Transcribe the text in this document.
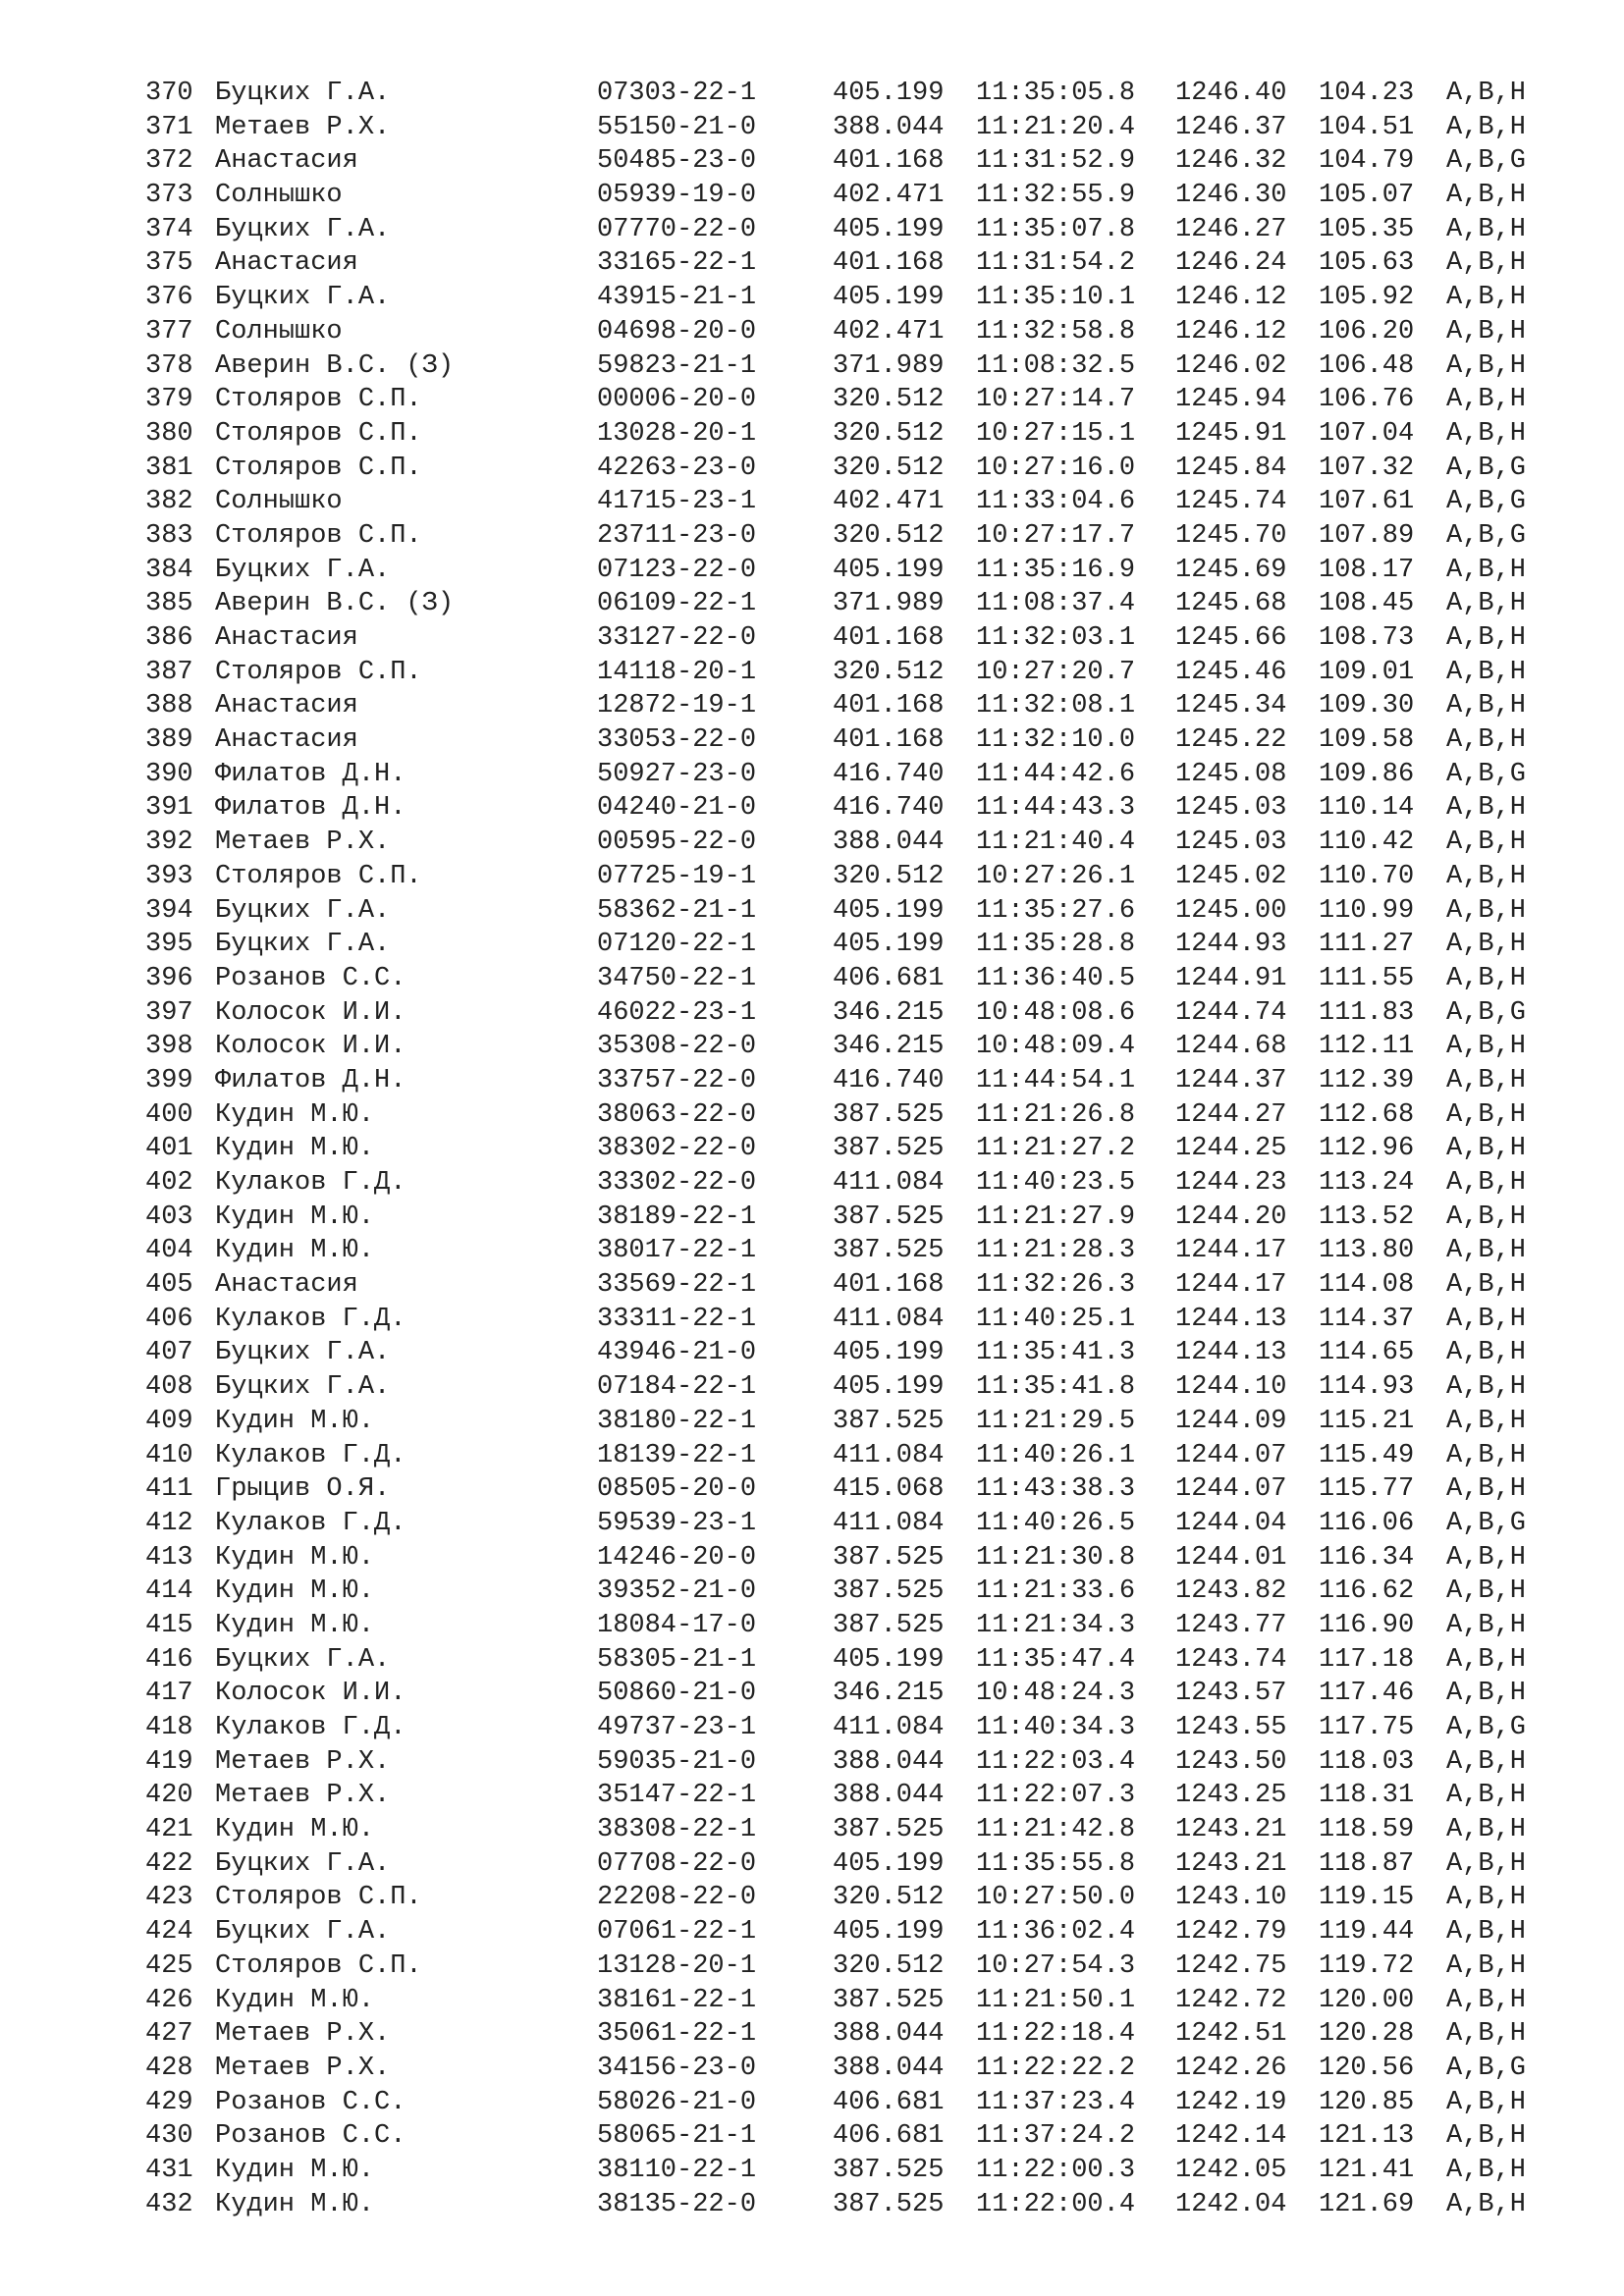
370 Буцких Г.А.	07303-22-1	405.199 11:35:05.8 1246.40 104.23 A,B,H
371 Метаев Р.Х.	55150-21-0	388.044 11:21:20.4 1246.37 104.51 A,B,H
372 Анастасия	50485-23-0	401.168 11:31:52.9 1246.32 104.79 A,B,G
373 Солнышко	05939-19-0	402.471 11:32:55.9 1246.30 105.07 A,B,H
374 Буцких Г.А.	07770-22-0	405.199 11:35:07.8 1246.27 105.35 A,B,H
375 Анастасия	33165-22-1	401.168 11:31:54.2 1246.24 105.63 A,B,H
376 Буцких Г.А.	43915-21-1	405.199 11:35:10.1 1246.12 105.92 A,B,H
377 Солнышко	04698-20-0	402.471 11:32:58.8 1246.12 106.20 A,B,H
378 Аверин В.С. (З)	59823-21-1	371.989 11:08:32.5 1246.02 106.48 A,B,H
379 Столяров С.П.	00006-20-0	320.512 10:27:14.7 1245.94 106.76 A,B,H
380 Столяров С.П.	13028-20-1	320.512 10:27:15.1 1245.91 107.04 A,B,H
381 Столяров С.П.	42263-23-0	320.512 10:27:16.0 1245.84 107.32 A,B,G
382 Солнышко	41715-23-1	402.471 11:33:04.6 1245.74 107.61 A,B,G
383 Столяров С.П.	23711-23-0	320.512 10:27:17.7 1245.70 107.89 A,B,G
384 Буцких Г.А.	07123-22-0	405.199 11:35:16.9 1245.69 108.17 A,B,H
385 Аверин В.С. (З)	06109-22-1	371.989 11:08:37.4 1245.68 108.45 A,B,H
386 Анастасия	33127-22-0	401.168 11:32:03.1 1245.66 108.73 A,B,H
387 Столяров С.П.	14118-20-1	320.512 10:27:20.7 1245.46 109.01 A,B,H
388 Анастасия	12872-19-1	401.168 11:32:08.1 1245.34 109.30 A,B,H
389 Анастасия	33053-22-0	401.168 11:32:10.0 1245.22 109.58 A,B,H
390 Филатов Д.Н.	50927-23-0	416.740 11:44:42.6 1245.08 109.86 A,B,G
391 Филатов Д.Н.	04240-21-0	416.740 11:44:43.3 1245.03 110.14 A,B,H
392 Метаев Р.Х.	00595-22-0	388.044 11:21:40.4 1245.03 110.42 A,B,H
393 Столяров С.П.	07725-19-1	320.512 10:27:26.1 1245.02 110.70 A,B,H
394 Буцких Г.А.	58362-21-1	405.199 11:35:27.6 1245.00 110.99 A,B,H
395 Буцких Г.А.	07120-22-1	405.199 11:35:28.8 1244.93 111.27 A,B,H
396 Розанов С.С.	34750-22-1	406.681 11:36:40.5 1244.91 111.55 A,B,H
397 Колосок И.И.	46022-23-1	346.215 10:48:08.6 1244.74 111.83 A,B,G
398 Колосок И.И.	35308-22-0	346.215 10:48:09.4 1244.68 112.11 A,B,H
399 Филатов Д.Н.	33757-22-0	416.740 11:44:54.1 1244.37 112.39 A,B,H
400 Кудин М.Ю.	38063-22-0	387.525 11:21:26.8 1244.27 112.68 A,B,H
401 Кудин М.Ю.	38302-22-0	387.525 11:21:27.2 1244.25 112.96 A,B,H
402 Кулаков Г.Д.	33302-22-0	411.084 11:40:23.5 1244.23 113.24 A,B,H
403 Кудин М.Ю.	38189-22-1	387.525 11:21:27.9 1244.20 113.52 A,B,H
404 Кудин М.Ю.	38017-22-1	387.525 11:21:28.3 1244.17 113.80 A,B,H
405 Анастасия	33569-22-1	401.168 11:32:26.3 1244.17 114.08 A,B,H
406 Кулаков Г.Д.	33311-22-1	411.084 11:40:25.1 1244.13 114.37 A,B,H
407 Буцких Г.А.	43946-21-0	405.199 11:35:41.3 1244.13 114.65 A,B,H
408 Буцких Г.А.	07184-22-1	405.199 11:35:41.8 1244.10 114.93 A,B,H
409 Кудин М.Ю.	38180-22-1	387.525 11:21:29.5 1244.09 115.21 A,B,H
410 Кулаков Г.Д.	18139-22-1	411.084 11:40:26.1 1244.07 115.49 A,B,H
411 Грыцив О.Я.	08505-20-0	415.068 11:43:38.3 1244.07 115.77 A,B,H
412 Кулаков Г.Д.	59539-23-1	411.084 11:40:26.5 1244.04 116.06 A,B,G
413 Кудин М.Ю.	14246-20-0	387.525 11:21:30.8 1244.01 116.34 A,B,H
414 Кудин М.Ю.	39352-21-0	387.525 11:21:33.6 1243.82 116.62 A,B,H
415 Кудин М.Ю.	18084-17-0	387.525 11:21:34.3 1243.77 116.90 A,B,H
416 Буцких Г.А.	58305-21-1	405.199 11:35:47.4 1243.74 117.18 A,B,H
417 Колосок И.И.	50860-21-0	346.215 10:48:24.3 1243.57 117.46 A,B,H
418 Кулаков Г.Д.	49737-23-1	411.084 11:40:34.3 1243.55 117.75 A,B,G
419 Метаев Р.Х.	59035-21-0	388.044 11:22:03.4 1243.50 118.03 A,B,H
420 Метаев Р.Х.	35147-22-1	388.044 11:22:07.3 1243.25 118.31 A,B,H
421 Кудин М.Ю.	38308-22-1	387.525 11:21:42.8 1243.21 118.59 A,B,H
422 Буцких Г.А.	07708-22-0	405.199 11:35:55.8 1243.21 118.87 A,B,H
423 Столяров С.П.	22208-22-0	320.512 10:27:50.0 1243.10 119.15 A,B,H
424 Буцких Г.А.	07061-22-1	405.199 11:36:02.4 1242.79 119.44 A,B,H
425 Столяров С.П.	13128-20-1	320.512 10:27:54.3 1242.75 119.72 A,B,H
426 Кудин М.Ю.	38161-22-1	387.525 11:21:50.1 1242.72 120.00 A,B,H
427 Метаев Р.Х.	35061-22-1	388.044 11:22:18.4 1242.51 120.28 A,B,H
428 Метаев Р.Х.	34156-23-0	388.044 11:22:22.2 1242.26 120.56 A,B,G
429 Розанов С.С.	58026-21-0	406.681 11:37:23.4 1242.19 120.85 A,B,H
430 Розанов С.С.	58065-21-1	406.681 11:37:24.2 1242.14 121.13 A,B,H
431 Кудин М.Ю.	38110-22-1	387.525 11:22:00.3 1242.05 121.41 A,B,H
432 Кудин М.Ю.	38135-22-0	387.525 11:22:00.4 1242.04 121.69 A,B,H
